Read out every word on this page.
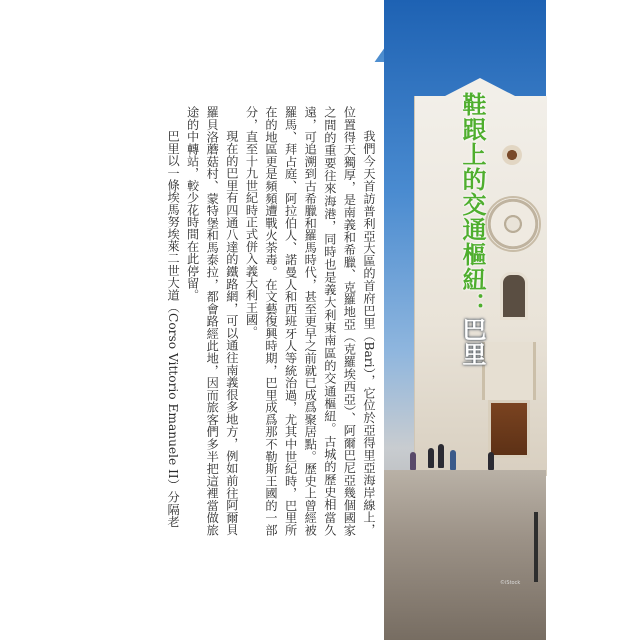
鞋跟上的交通樞紐：巴里

我們今天首訪普利亞大區的首府巴里（Bari），它位於亞得里亞海岸線上，位置得天獨厚，是南義和希臘、克羅地亞（克羅埃西亞）、阿爾巴尼亞幾個國家之間的重要往來海港，同時也是義大利東南區的交通樞紐。古城的歷史相當久遠，可追溯到古希臘和羅馬時代，甚至更早之前就已成爲聚居點。歷史上曾經被羅馬、拜占庭、阿拉伯人、諾曼人和西班牙人等統治過，尤其中世紀時，巴里所在的地區更是頻頻遭戰火荼毒。在文藝復興時期，巴里成爲那不勒斯王國的一部分，直至十九世紀時正式併入義大利王國。

現在的巴里有四通八達的鐵路網，可以通往南義很多地方，例如前往阿爾貝羅貝洛蘑菇村、蒙特堡和馬泰拉，都會路經此地，因而旅客們多半把這裡當做旅途的中轉站，較少花時間在此停留。

巴里以一條埃馬努埃萊二世大道（Corso Vittorio Emanuele II）分隔老

©iStock
